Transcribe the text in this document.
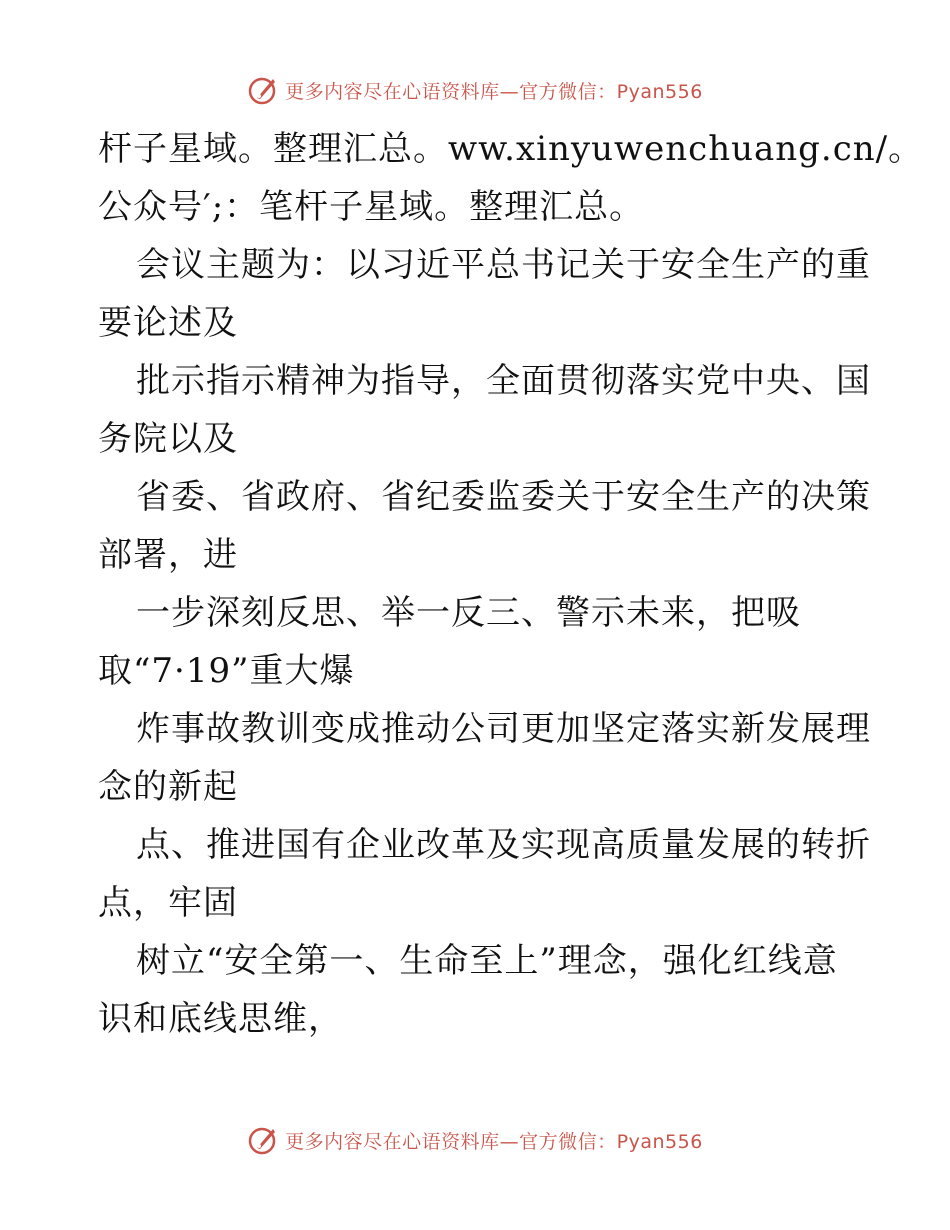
更多内容尽在心语资料库—官方微信：Pyan556
杆子星域。整理汇总。ww.xinyuwenchuang.cn/。
公众号′;：笔杆子星域。整理汇总。
会议主题为：以习近平总书记关于安全生产的重
要论述及
批示指示精神为指导，全面贯彻落实党中央、国
务院以及
省委、省政府、省纪委监委关于安全生产的决策
部署，进
一步深刻反思、举一反三、警示未来，把吸
取“7·19”重大爆
炸事故教训变成推动公司更加坚定落实新发展理
念的新起
点、推进国有企业改革及实现高质量发展的转折
点，牢固
树立“安全第一、生命至上”理念，强化红线意
识和底线思维，
更多内容尽在心语资料库—官方微信：Pyan556
